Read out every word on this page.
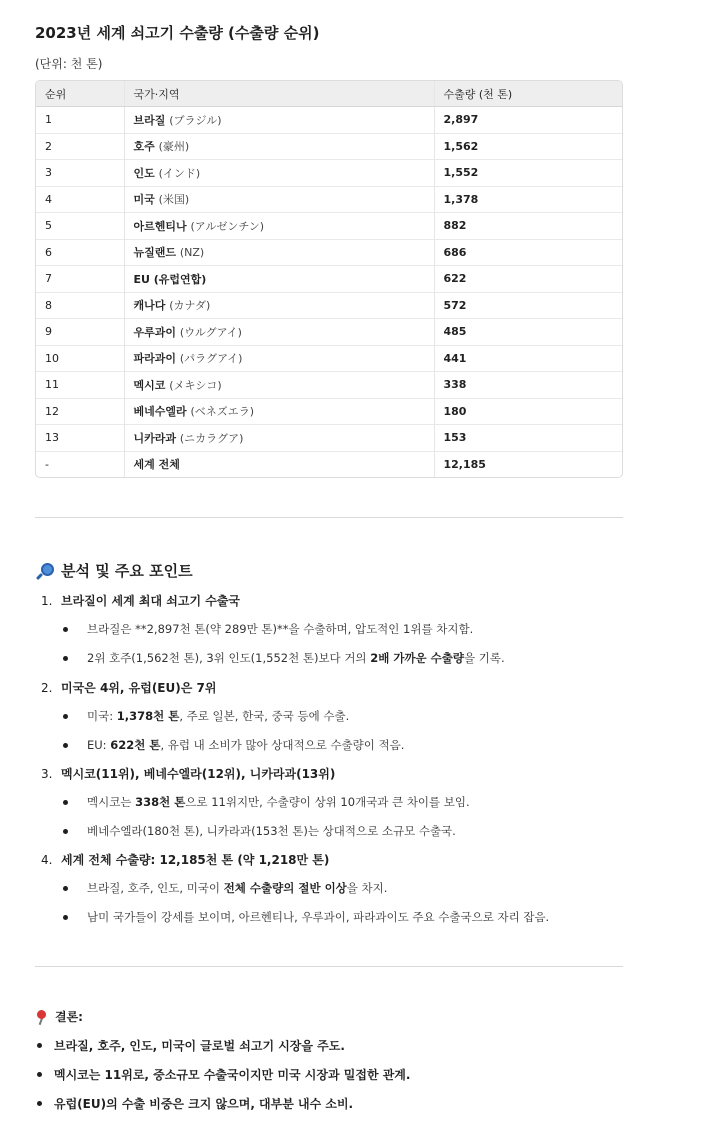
2023년 세계 쇠고기 수출량 (수출량 순위)
(단위: 천 톤)
순위	국가·지역	수출량 (천 톤)
1	브라질 (ブラジル)	2,897
2	호주 (豪州)	1,562
3	인도 (インド)	1,552
4	미국 (米国)	1,378
5	아르헨티나 (アルゼンチン)	882
6	뉴질랜드 (NZ)	686
7	EU (유럽연합)	622
8	캐나다 (カナダ)	572
9	우루과이 (ウルグアイ)	485
10	파라과이 (パラグアイ)	441
11	멕시코 (メキシコ)	338
12	베네수엘라 (ベネズエラ)	180
13	니카라과 (ニカラグア)	153
-	세계 전체	12,185
분석 및 주요 포인트
1. 브라질이 세계 최대 쇠고기 수출국
브라질은 **2,897천 톤(약 289만 톤)**을 수출하며, 압도적인 1위를 차지함.
2위 호주(1,562천 톤), 3위 인도(1,552천 톤)보다 거의 2배 가까운 수출량을 기록.
2. 미국은 4위, 유럽(EU)은 7위
미국: 1,378천 톤, 주로 일본, 한국, 중국 등에 수출.
EU: 622천 톤, 유럽 내 소비가 많아 상대적으로 수출량이 적음.
3. 멕시코(11위), 베네수엘라(12위), 니카라과(13위)
멕시코는 338천 톤으로 11위지만, 수출량이 상위 10개국과 큰 차이를 보임.
베네수엘라(180천 톤), 니카라과(153천 톤)는 상대적으로 소규모 수출국.
4. 세계 전체 수출량: 12,185천 톤 (약 1,218만 톤)
브라질, 호주, 인도, 미국이 전체 수출량의 절반 이상을 차지.
남미 국가들이 강세를 보이며, 아르헨티나, 우루과이, 파라과이도 주요 수출국으로 자리 잡음.
결론:
브라질, 호주, 인도, 미국이 글로벌 쇠고기 시장을 주도.
멕시코는 11위로, 중소규모 수출국이지만 미국 시장과 밀접한 관계.
유럽(EU)의 수출 비중은 크지 않으며, 대부분 내수 소비.
